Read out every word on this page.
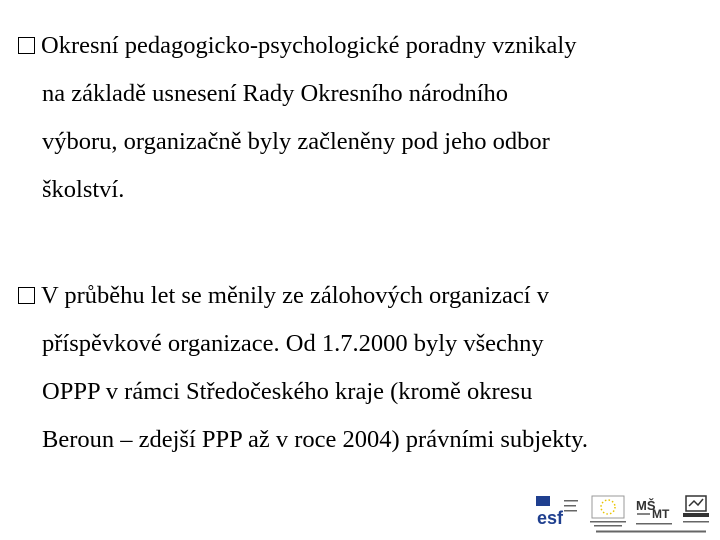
Okresní pedagogicko-psychologické poradny vznikaly
na základě usnesení Rady Okresního národního
výboru, organizačně byly začleněny pod jeho odbor
školství.
V průběhu let se měnily ze zálohových organizací v
příspěvkové organizace. Od 1.7.2000 byly všechny
OPPP v rámci Středočeského kraje (kromě okresu
Beroun – zdejší PPP až v roce 2004) právními subjekty.
esf
MŠ
MT
